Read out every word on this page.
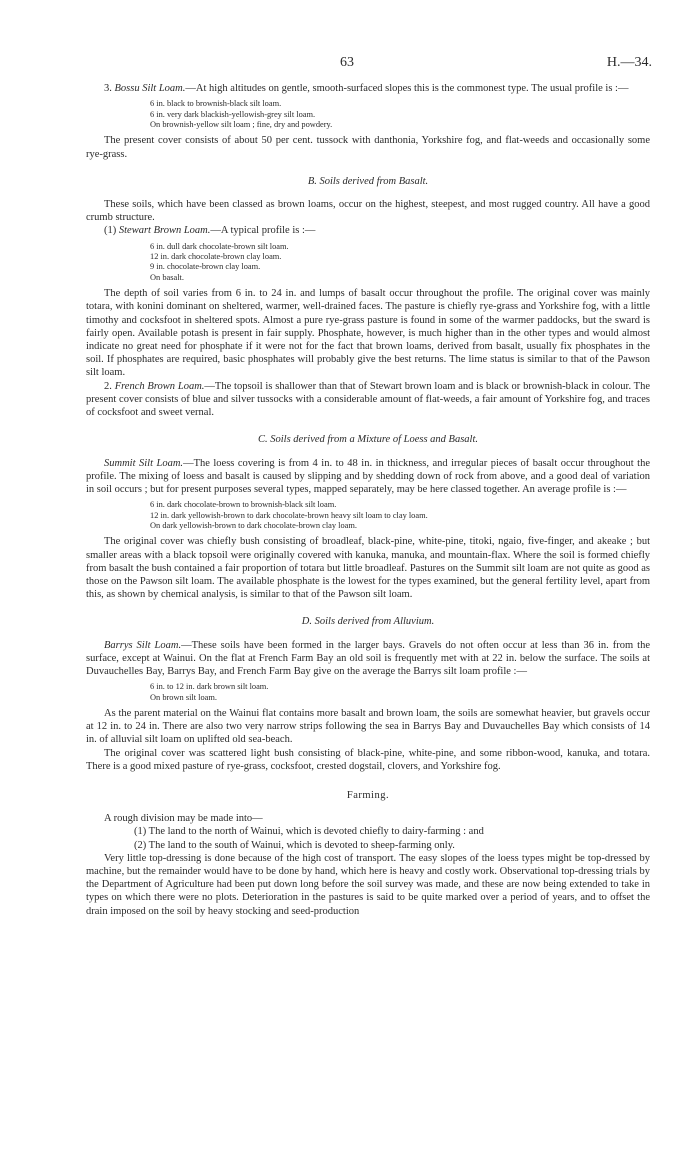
63	H.—34.

3. Bossu Silt Loam.—At high altitudes on gentle, smooth-surfaced slopes this is the commonest type. The usual profile is :—

6 in. black to brownish-black silt loam.
6 in. very dark blackish-yellowish-grey silt loam.
On brownish-yellow silt loam ; fine, dry and powdery.

The present cover consists of about 50 per cent. tussock with danthonia, Yorkshire fog, and flat-weeds and occasionally some rye-grass.

B. Soils derived from Basalt.

These soils, which have been classed as brown loams, occur on the highest, steepest, and most rugged country. All have a good crumb structure.

(1) Stewart Brown Loam.—A typical profile is :—

6 in. dull dark chocolate-brown silt loam.
12 in. dark chocolate-brown clay loam.
9 in. chocolate-brown clay loam.
On basalt.

The depth of soil varies from 6 in. to 24 in. and lumps of basalt occur throughout the profile. The original cover was mainly totara, with konini dominant on sheltered, warmer, well-drained faces. The pasture is chiefly rye-grass and Yorkshire fog, with a little timothy and cocksfoot in sheltered spots. Almost a pure rye-grass pasture is found in some of the warmer paddocks, but the sward is fairly open. Available potash is present in fair supply. Phosphate, however, is much higher than in the other types and would almost indicate no great need for phosphate if it were not for the fact that brown loams, derived from basalt, usually fix phosphates in the soil. If phosphates are required, basic phosphates will probably give the best returns. The lime status is similar to that of the Pawson silt loam.

2. French Brown Loam.—The topsoil is shallower than that of Stewart brown loam and is black or brownish-black in colour. The present cover consists of blue and silver tussocks with a considerable amount of flat-weeds, a fair amount of Yorkshire fog, and traces of cocksfoot and sweet vernal.

C. Soils derived from a Mixture of Loess and Basalt.

Summit Silt Loam.—The loess covering is from 4 in. to 48 in. in thickness, and irregular pieces of basalt occur throughout the profile. The mixing of loess and basalt is caused by slipping and by shedding down of rock from above, and a good deal of variation in soil occurs ; but for present purposes several types, mapped separately, may be here classed together. An average profile is :—

6 in. dark chocolate-brown to brownish-black silt loam.
12 in. dark yellowish-brown to dark chocolate-brown heavy silt loam to clay loam.
On dark yellowish-brown to dark chocolate-brown clay loam.

The original cover was chiefly bush consisting of broadleaf, black-pine, white-pine, titoki, ngaio, five-finger, and akeake ; but smaller areas with a black topsoil were originally covered with kanuka, manuka, and mountain-flax. Where the soil is formed chiefly from basalt the bush contained a fair proportion of totara but little broadleaf. Pastures on the Summit silt loam are not quite as good as those on the Pawson silt loam. The available phosphate is the lowest for the types examined, but the general fertility level, apart from this, as shown by chemical analysis, is similar to that of the Pawson silt loam.

D. Soils derived from Alluvium.

Barrys Silt Loam.—These soils have been formed in the larger bays. Gravels do not often occur at less than 36 in. from the surface, except at Wainui. On the flat at French Farm Bay an old soil is frequently met with at 22 in. below the surface. The soils at Duvauchelles Bay, Barrys Bay, and French Farm Bay give on the average the Barrys silt loam profile :—

6 in. to 12 in. dark brown silt loam.
On brown silt loam.

As the parent material on the Wainui flat contains more basalt and brown loam, the soils are somewhat heavier, but gravels occur at 12 in. to 24 in. There are also two very narrow strips following the sea in Barrys Bay and Duvauchelles Bay which consists of 14 in. of alluvial silt loam on uplifted old sea-beach.

The original cover was scattered light bush consisting of black-pine, white-pine, and some ribbon-wood, kanuka, and totara. There is a good mixed pasture of rye-grass, cocksfoot, crested dogstail, clovers, and Yorkshire fog.

Farming.

A rough division may be made into—

(1) The land to the north of Wainui, which is devoted chiefly to dairy-farming : and
(2) The land to the south of Wainui, which is devoted to sheep-farming only.

Very little top-dressing is done because of the high cost of transport. The easy slopes of the loess types might be top-dressed by machine, but the remainder would have to be done by hand, which here is heavy and costly work. Observational top-dressing trials by the Department of Agriculture had been put down long before the soil survey was made, and these are now being extended to take in types on which there were no plots. Deterioration in the pastures is said to be quite marked over a period of years, and to offset the drain imposed on the soil by heavy stocking and seed-production
